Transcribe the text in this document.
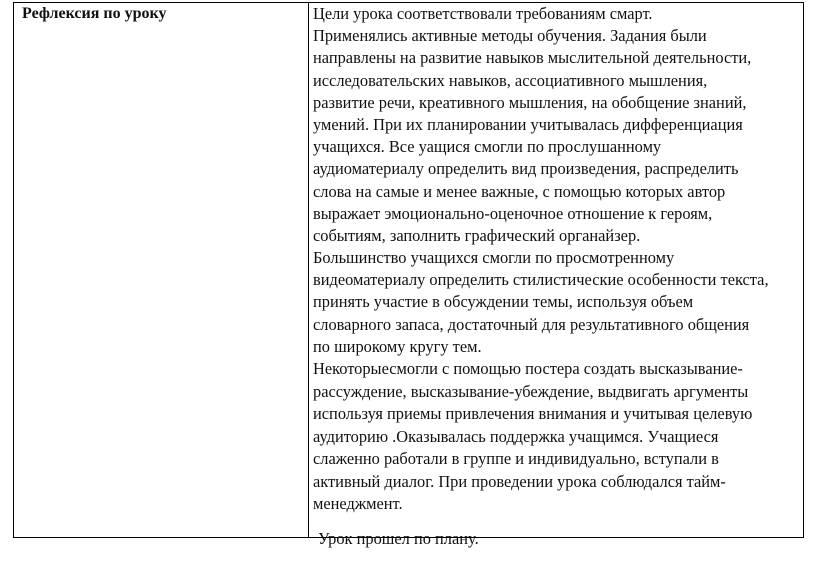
Рефлексия по уроку	Цели урока соответствовали требованиям смарт.
Применялись активные методы обучения. Задания были
направлены на развитие навыков мыслительной деятельности,
исследовательских навыков, ассоциативного мышления,
развитие речи, креативного мышления, на обобщение знаний,
умений. При их планировании учитывалась дифференциация
учащихся. Все уащися смогли по прослушанному
аудиоматериалу определить вид произведения, распределить
слова на самые и менее важные, с помощью которых автор
выражает эмоционально-оценочное отношение к героям,
событиям, заполнить графический органайзер.
Большинство учащихся смогли по просмотренному
видеоматериалу определить стилистические особенности текста,
принять участие в обсуждении темы, используя объем
словарного запаса, достаточный для результативного общения
по широкому кругу тем.
Некоторыесмогли с помощью постера создать высказывание-
рассуждение, высказывание-убеждение, выдвигать аргументы
используя приемы привлечения внимания и учитывая целевую
аудиторию .Оказывалась поддержка учащимся. Учащиеся
слаженно работали в группе и индивидуально, вступали в
активный диалог. При проведении урока соблюдался тайм-
менеджмент.
Урок прошел по плану.
